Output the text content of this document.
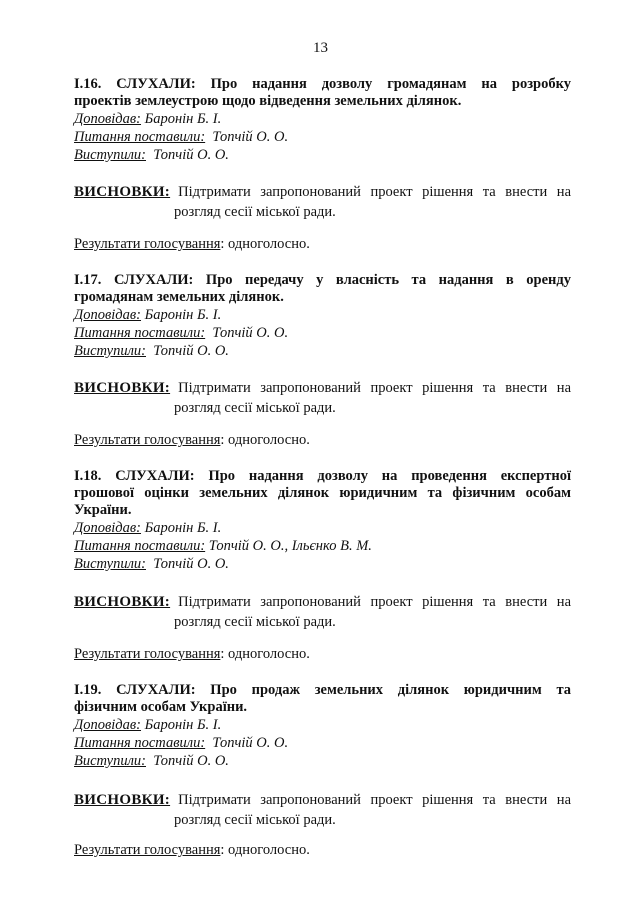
13
I.16. СЛУХАЛИ: Про надання дозволу громадянам на розробку
проектів землеустрою щодо відведення земельних ділянок.

Доповідав: Баронін Б. І.

Питання поставили: Топчій О. О.

Виступили: Топчій О. О.

ВИСНОВКИ: Підтримати запропонований проект рішення та внести на
розгляд сесії міської ради.
Результати голосування: одноголосно.
I.17. СЛУХАЛИ: Про передачу у власність та надання в оренду
громадянам земельних ділянок.

Доповідав: Баронін Б. І.

Питання поставили: Топчій О. О.

Виступили: Топчій О. О.

ВИСНОВКИ: Підтримати запропонований проект рішення та внести на
розгляд сесії міської ради.
Результати голосування: одноголосно.
I.18. СЛУХАЛИ: Про надання дозволу на проведення експертної
грошової оцінки земельних ділянок юридичним та фізичним особам
України.

Доповідав: Баронін Б. І.

Питання поставили: Топчій О. О., Ільєнко В. М.

Виступили: Топчій О. О.

ВИСНОВКИ: Підтримати запропонований проект рішення та внести на
розгляд сесії міської ради.
Результати голосування: одноголосно.
I.19. СЛУХАЛИ: Про продаж земельних ділянок юридичним та
фізичним особам України.

Доповідав: Баронін Б. І.

Питання поставили: Топчій О. О.

Виступили: Топчій О. О.

ВИСНОВКИ: Підтримати запропонований проект рішення та внести на
розгляд сесії міської ради.
Результати голосування: одноголосно.
